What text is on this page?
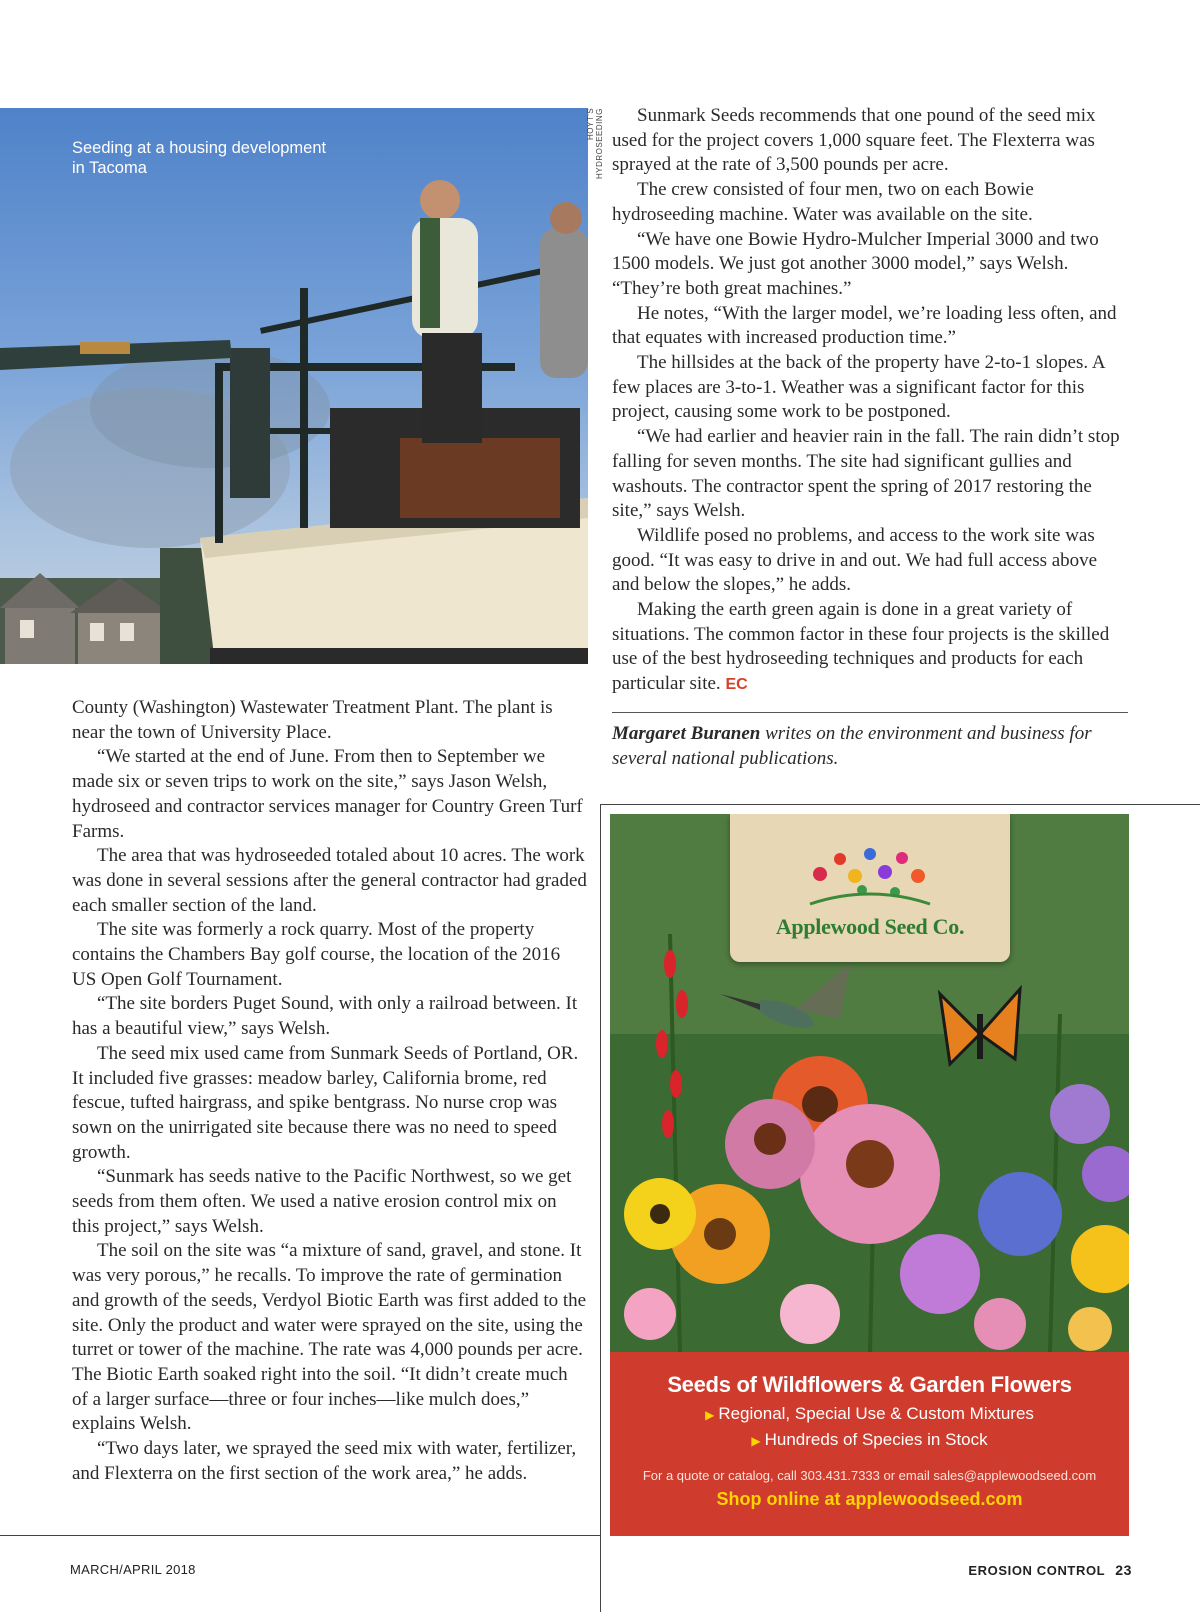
Seeding at a housing development in Tacoma
HOYT'S HYDROSEEDING

County (Washington) Wastewater Treatment Plant. The plant is near the town of University Place.

“We started at the end of June. From then to September we made six or seven trips to work on the site,” says Jason Welsh, hydroseed and contractor services manager for Country Green Turf Farms.

The area that was hydroseeded totaled about 10 acres. The work was done in several sessions after the general contractor had graded each smaller section of the land.

The site was formerly a rock quarry. Most of the property contains the Chambers Bay golf course, the location of the 2016 US Open Golf Tournament.

“The site borders Puget Sound, with only a railroad between. It has a beautiful view,” says Welsh.

The seed mix used came from Sunmark Seeds of Portland, OR. It included five grasses: meadow barley, California brome, red fescue, tufted hairgrass, and spike bentgrass. No nurse crop was sown on the unirrigated site because there was no need to speed growth.

“Sunmark has seeds native to the Pacific Northwest, so we get seeds from them often. We used a native erosion control mix on this project,” says Welsh.

The soil on the site was “a mixture of sand, gravel, and stone. It was very porous,” he recalls. To improve the rate of germination and growth of the seeds, Verdyol Biotic Earth was first added to the site. Only the product and water were sprayed on the site, using the turret or tower of the machine. The rate was 4,000 pounds per acre. The Biotic Earth soaked right into the soil. “It didn’t create much of a larger surface—three or four inches—like mulch does,” explains Welsh.

“Two days later, we sprayed the seed mix with water, fertilizer, and Flexterra on the first section of the work area,” he adds.

Sunmark Seeds recommends that one pound of the seed mix used for the project covers 1,000 square feet. The Flexterra was sprayed at the rate of 3,500 pounds per acre.

The crew consisted of four men, two on each Bowie hydroseeding machine. Water was available on the site.

“We have one Bowie Hydro-Mulcher Imperial 3000 and two 1500 models. We just got another 3000 model,” says Welsh. “They’re both great machines.”

He notes, “With the larger model, we’re loading less often, and that equates with increased production time.”

The hillsides at the back of the property have 2-to-1 slopes. A few places are 3-to-1. Weather was a significant factor for this project, causing some work to be postponed.

“We had earlier and heavier rain in the fall. The rain didn’t stop falling for seven months. The site had significant gullies and washouts. The contractor spent the spring of 2017 restoring the site,” says Welsh.

Wildlife posed no problems, and access to the work site was good. “It was easy to drive in and out. We had full access above and below the slopes,” he adds.

Making the earth green again is done in a great variety of situations. The common factor in these four projects is the skilled use of the best hydroseeding techniques and products for each particular site. EC

Margaret Buranen writes on the environment and business for several national publications.
Applewood Seed Co.
Seeds of Wildflowers & Garden Flowers
▶ Regional, Special Use & Custom Mixtures
▶ Hundreds of Species in Stock
For a quote or catalog, call 303.431.7333 or email sales@applewoodseed.com
Shop online at applewoodseed.com
MARCH/APRIL 2018	EROSION CONTROL 23
